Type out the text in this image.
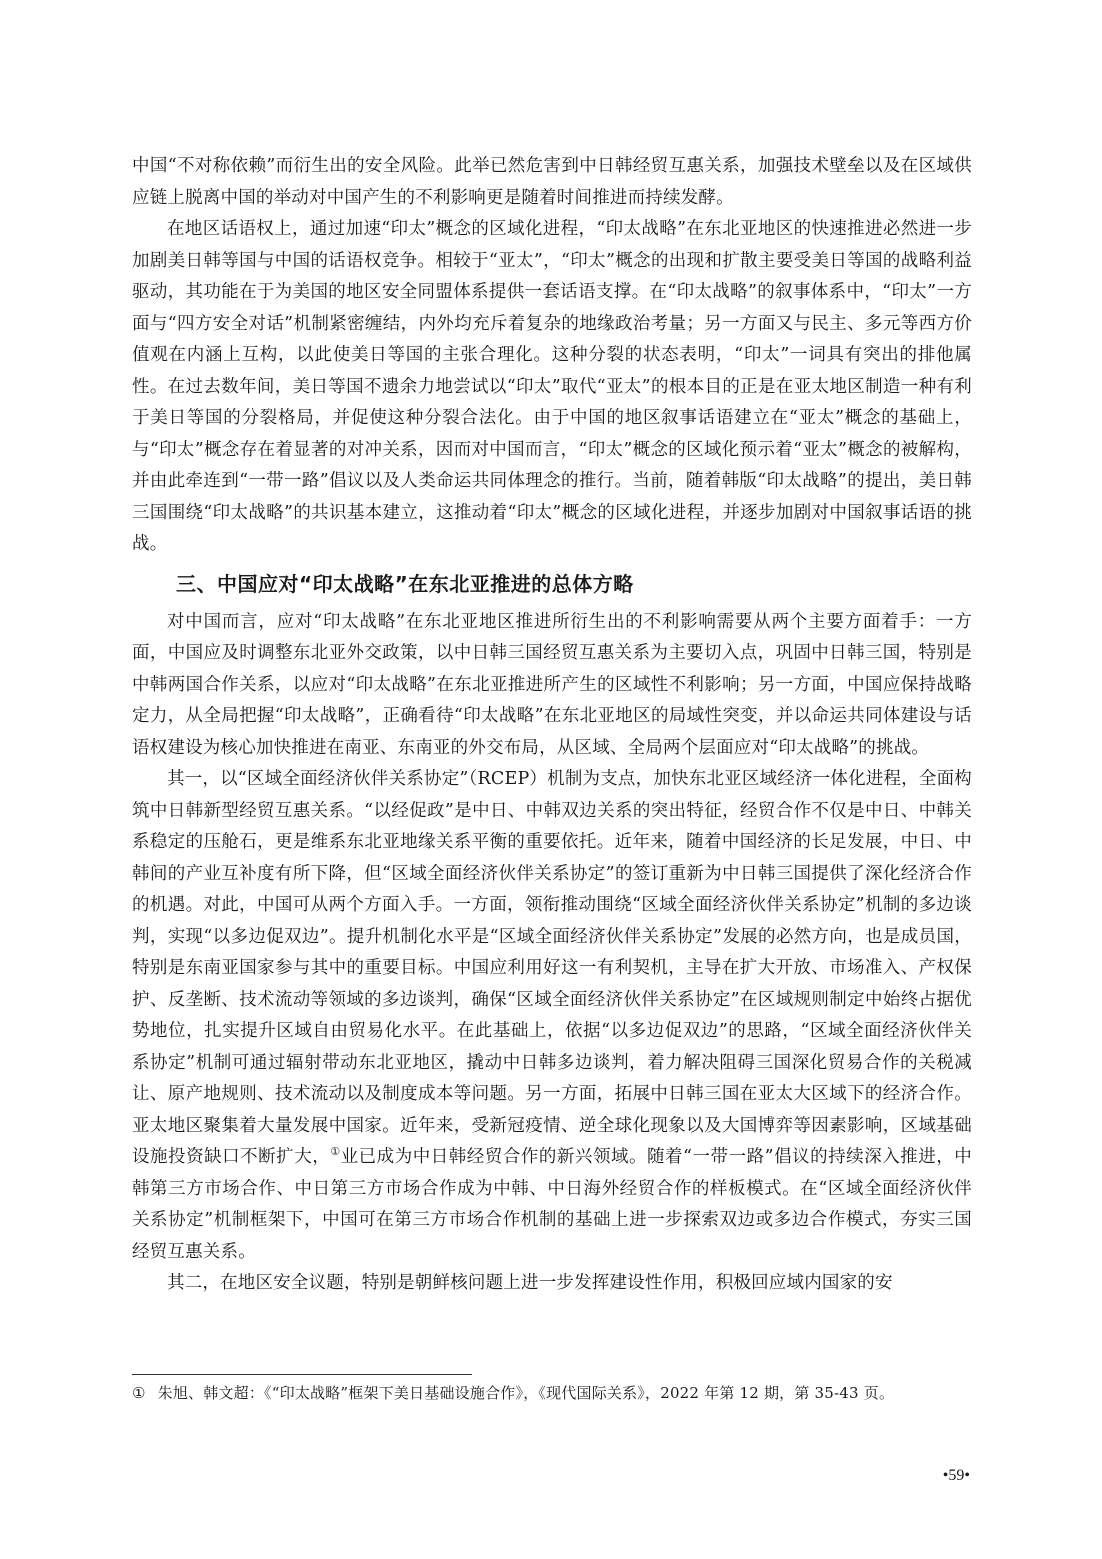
中国“不对称依赖”而衍生出的安全风险。此举已然危害到中日韩经贸互惠关系，加强技术壁垒以及在区域供应链上脱离中国的举动对中国产生的不利影响更是随着时间推进而持续发酵。

在地区话语权上，通过加速“印太”概念的区域化进程，“印太战略”在东北亚地区的快速推进必然进一步加剧美日韩等国与中国的话语权竞争。相较于“亚太”，“印太”概念的出现和扩散主要受美日等国的战略利益驱动，其功能在于为美国的地区安全同盟体系提供一套话语支撑。在“印太战略”的叙事体系中，“印太”一方面与“四方安全对话”机制紧密缠结，内外均充斥着复杂的地缘政治考量；另一方面又与民主、多元等西方价值观在内涵上互构，以此使美日等国的主张合理化。这种分裂的状态表明，“印太”一词具有突出的排他属性。在过去数年间，美日等国不遗余力地尝试以“印太”取代“亚太”的根本目的正是在亚太地区制造一种有利于美日等国的分裂格局，并促使这种分裂合法化。由于中国的地区叙事话语建立在“亚太”概念的基础上，与“印太”概念存在着显著的对冲关系，因而对中国而言，“印太”概念的区域化预示着“亚太”概念的被解构，并由此牵连到“一带一路”倡议以及人类命运共同体理念的推行。当前，随着韩版“印太战略”的提出，美日韩三国围绕“印太战略”的共识基本建立，这推动着“印太”概念的区域化进程，并逐步加剧对中国叙事话语的挑战。

三、中国应对“印太战略”在东北亚推进的总体方略

对中国而言，应对“印太战略”在东北亚地区推进所衍生出的不利影响需要从两个主要方面着手：一方面，中国应及时调整东北亚外交政策，以中日韩三国经贸互惠关系为主要切入点，巩固中日韩三国，特别是中韩两国合作关系，以应对“印太战略”在东北亚推进所产生的区域性不利影响；另一方面，中国应保持战略定力，从全局把握“印太战略”，正确看待“印太战略”在东北亚地区的局域性突变，并以命运共同体建设与话语权建设为核心加快推进在南亚、东南亚的外交布局，从区域、全局两个层面应对“印太战略”的挑战。

其一，以“区域全面经济伙伴关系协定”（RCEP）机制为支点，加快东北亚区域经济一体化进程，全面构筑中日韩新型经贸互惠关系。“以经促政”是中日、中韩双边关系的突出特征，经贸合作不仅是中日、中韩关系稳定的压舱石，更是维系东北亚地缘关系平衡的重要依托。近年来，随着中国经济的长足发展，中日、中韩间的产业互补度有所下降，但“区域全面经济伙伴关系协定”的签订重新为中日韩三国提供了深化经济合作的机遇。对此，中国可从两个方面入手。一方面，领衔推动围绕“区域全面经济伙伴关系协定”机制的多边谈判，实现“以多边促双边”。提升机制化水平是“区域全面经济伙伴关系协定”发展的必然方向，也是成员国，特别是东南亚国家参与其中的重要目标。中国应利用好这一有利契机，主导在扩大开放、市场准入、产权保护、反垄断、技术流动等领域的多边谈判，确保“区域全面经济伙伴关系协定”在区域规则制定中始终占据优势地位，扎实提升区域自由贸易化水平。在此基础上，依据“以多边促双边”的思路，“区域全面经济伙伴关系协定”机制可通过辐射带动东北亚地区，撬动中日韩多边谈判，着力解决阻碍三国深化贸易合作的关税减让、原产地规则、技术流动以及制度成本等问题。另一方面，拓展中日韩三国在亚太大区域下的经济合作。亚太地区聚集着大量发展中国家。近年来，受新冠疫情、逆全球化现象以及大国博弈等因素影响，区域基础设施投资缺口不断扩大，①业已成为中日韩经贸合作的新兴领域。随着“一带一路”倡议的持续深入推进，中韩第三方市场合作、中日第三方市场合作成为中韩、中日海外经贸合作的样板模式。在“区域全面经济伙伴关系协定”机制框架下，中国可在第三方市场合作机制的基础上进一步探索双边或多边合作模式，夯实三国经贸互惠关系。

其二，在地区安全议题，特别是朝鲜核问题上进一步发挥建设性作用，积极回应域内国家的安

① 朱旭、韩文超：《“印太战略”框架下美日基础设施合作》，《现代国际关系》，2022 年第 12 期，第 35-43 页。
•59•
